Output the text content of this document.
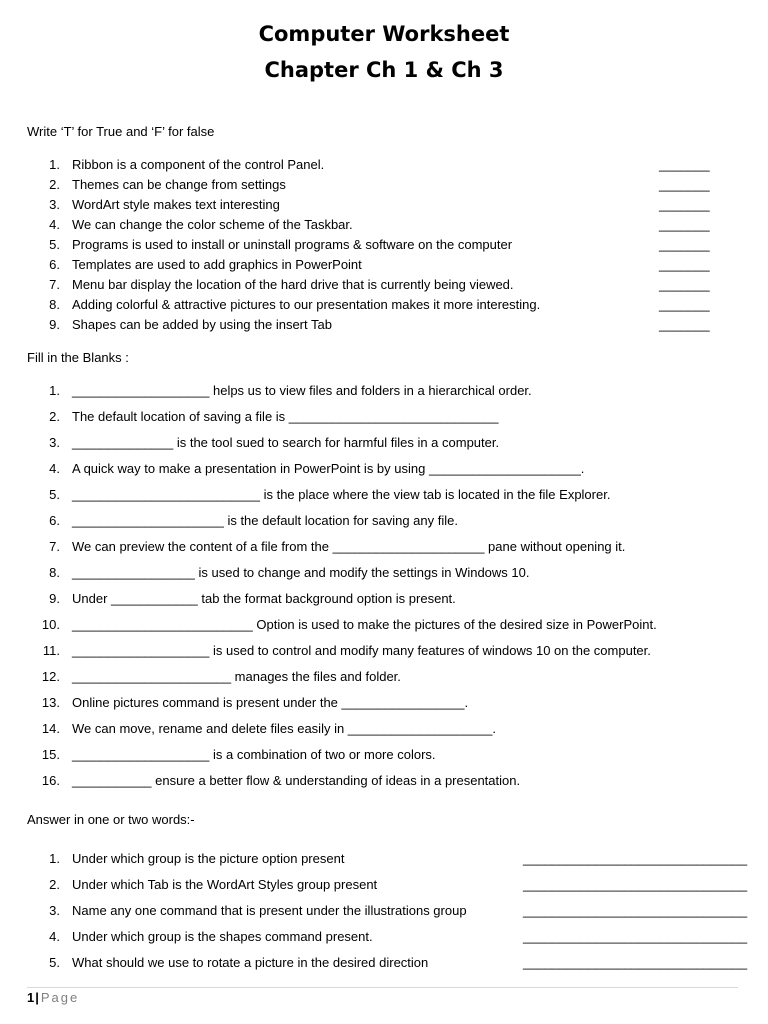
Computer Worksheet
Chapter Ch 1 & Ch 3
Write ‘T’ for True and ‘F’ for false
1. Ribbon is a component of the control Panel.	_______
2. Themes can be change from settings	_______
3. WordArt style makes text interesting	_______
4. We can change the color scheme of the Taskbar.	_______
5. Programs is used to install or uninstall programs & software on the computer	_______
6. Templates are used to add graphics in PowerPoint	_______
7. Menu bar display the location of the hard drive that is currently being viewed.	_______
8. Adding colorful & attractive pictures to our presentation makes it more interesting.	_______
9. Shapes can be added by using the insert Tab	_______
Fill in the Blanks :
1. ___________________ helps us to view files and folders in a hierarchical order.
2. The default location of saving a file is _____________________________
3. ______________ is the tool sued to search for harmful files in a computer.
4. A quick way to make a presentation in PowerPoint is by using _____________________.
5. __________________________ is the place where the view tab is located in the file Explorer.
6. _____________________ is the default location for saving any file.
7. We can preview the content of a file from the _____________________ pane without opening it.
8. _________________ is used to change and modify the settings in Windows 10.
9. Under ____________ tab the format background option is present.
10. _________________________ Option is used to make the pictures of the desired size in PowerPoint.
11. ___________________ is used to control and modify many features of windows 10 on the computer.
12. ______________________ manages the files and folder.
13. Online pictures command is present under the _________________.
14. We can move, rename and delete files easily in ____________________.
15. ___________________ is a combination of two or more colors.
16. ___________ ensure a better flow & understanding of ideas in a presentation.
Answer in one or two words:-
1. Under which group is the picture option present	_______________________________
2. Under which Tab is the WordArt Styles group present	_______________________________
3. Name any one command that is present under the illustrations group	_______________________________
4. Under which group is the shapes command present.	_______________________________
5. What should we use to rotate a picture in the desired direction	_______________________________
1| Page
